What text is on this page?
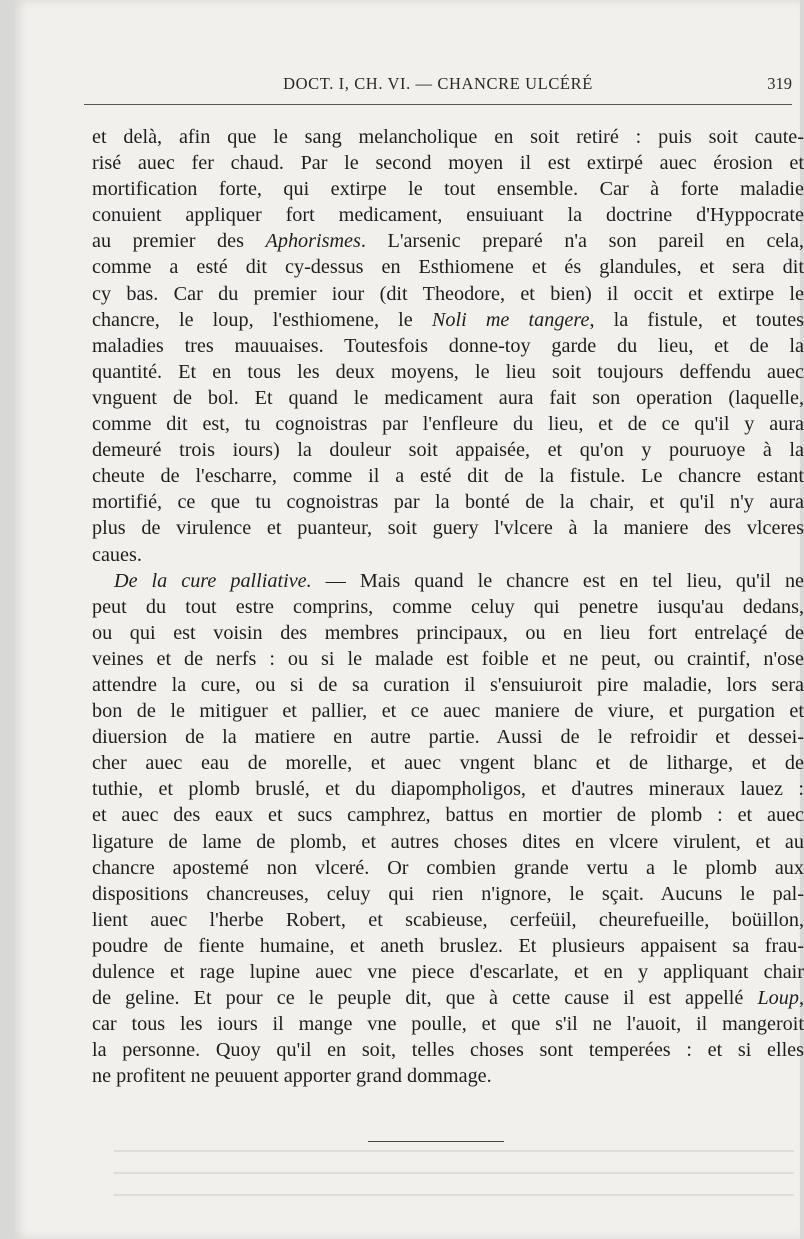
DOCT. I, CH. VI. — CHANCRE ULCÉRÉ	319
et delà, afin que le sang melancholique en soit retiré : puis soit caute-
risé auec fer chaud. Par le second moyen il est extirpé auec érosion et
mortification forte, qui extirpe le tout ensemble. Car à forte maladie
conuient appliquer fort medicament, ensuiuant la doctrine d'Hyppocrate
au premier des Aphorismes. L'arsenic preparé n'a son pareil en cela,
comme a esté dit cy-dessus en Esthiomene et és glandules, et sera dit
cy bas. Car du premier iour (dit Theodore, et bien) il occit et extirpe le
chancre, le loup, l'esthiomene, le Noli me tangere, la fistule, et toutes
maladies tres mauuaises. Toutesfois donne-toy garde du lieu, et de la
quantité. Et en tous les deux moyens, le lieu soit toujours deffendu auec
vnguent de bol. Et quand le medicament aura fait son operation (laquelle,
comme dit est, tu cognoistras par l'enfleure du lieu, et de ce qu'il y aura
demeuré trois iours) la douleur soit appaisée, et qu'on y pouruoye à la
cheute de l'escharre, comme il a esté dit de la fistule. Le chancre estant
mortifié, ce que tu cognoistras par la bonté de la chair, et qu'il n'y aura
plus de virulence et puanteur, soit guery l'vlcere à la maniere des vlceres
caues.
De la cure palliative. — Mais quand le chancre est en tel lieu, qu'il ne
peut du tout estre comprins, comme celuy qui penetre iusqu'au dedans,
ou qui est voisin des membres principaux, ou en lieu fort entrelaçé de
veines et de nerfs : ou si le malade est foible et ne peut, ou craintif, n'ose
attendre la cure, ou si de sa curation il s'ensuiuroit pire maladie, lors sera
bon de le mitiguer et pallier, et ce auec maniere de viure, et purgation et
diuersion de la matiere en autre partie. Aussi de le refroidir et dessei-
cher auec eau de morelle, et auec vngent blanc et de litharge, et de
tuthie, et plomb bruslé, et du diapompholigos, et d'autres mineraux lauez :
et auec des eaux et sucs camphrez, battus en mortier de plomb : et auec
ligature de lame de plomb, et autres choses dites en vlcere virulent, et au
chancre apostemé non vlceré. Or combien grande vertu a le plomb aux
dispositions chancreuses, celuy qui rien n'ignore, le sçait. Aucuns le pal-
lient auec l'herbe Robert, et scabieuse, cerfeüil, cheurefueille, boüillon,
poudre de fiente humaine, et aneth bruslez. Et plusieurs appaisent sa frau-
dulence et rage lupine auec vne piece d'escarlate, et en y appliquant chair
de geline. Et pour ce le peuple dit, que à cette cause il est appellé Loup,
car tous les iours il mange vne poulle, et que s'il ne l'auoit, il mangeroit
la personne. Quoy qu'il en soit, telles choses sont temperées : et si elles
ne profitent ne peuuent apporter grand dommage.
